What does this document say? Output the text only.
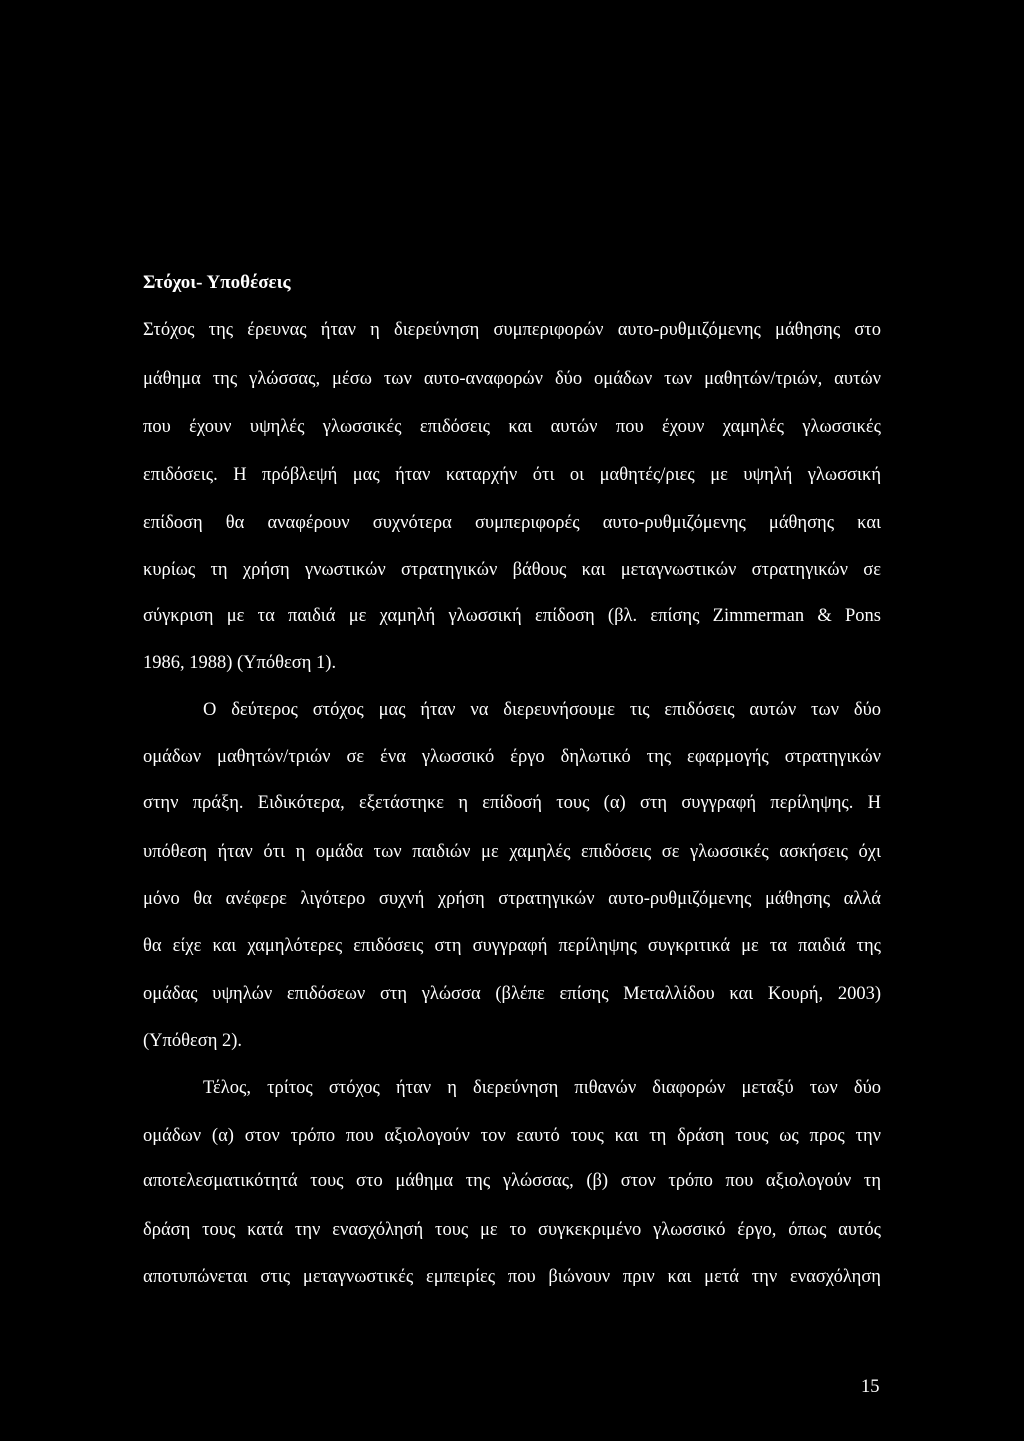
Στόχοι- Υποθέσεις
Στόχος της έρευνας ήταν η διερεύνηση συμπεριφορών αυτο-ρυθμιζόμενης μάθησης στο
μάθημα της γλώσσας, μέσω των αυτο-αναφορών δύο ομάδων των μαθητών/τριών, αυτών
που έχουν υψηλές γλωσσικές επιδόσεις και αυτών που έχουν χαμηλές γλωσσικές
επιδόσεις. Η πρόβλεψή μας ήταν καταρχήν ότι οι μαθητές/ριες με υψηλή γλωσσική
επίδοση θα αναφέρουν συχνότερα συμπεριφορές αυτο-ρυθμιζόμενης μάθησης και
κυρίως τη χρήση γνωστικών στρατηγικών βάθους και μεταγνωστικών στρατηγικών σε
σύγκριση με τα παιδιά με χαμηλή γλωσσική επίδοση (βλ. επίσης Zimmerman & Pons
1986, 1988) (Υπόθεση 1).
Ο δεύτερος στόχος μας ήταν να διερευνήσουμε τις επιδόσεις αυτών των δύο
ομάδων μαθητών/τριών σε ένα γλωσσικό έργο δηλωτικό της εφαρμογής στρατηγικών
στην πράξη. Ειδικότερα, εξετάστηκε η επίδοσή τους (α) στη συγγραφή περίληψης. Η
υπόθεση ήταν ότι η ομάδα των παιδιών με χαμηλές επιδόσεις σε γλωσσικές ασκήσεις όχι
μόνο θα ανέφερε λιγότερο συχνή χρήση στρατηγικών αυτο-ρυθμιζόμενης μάθησης αλλά
θα είχε και χαμηλότερες επιδόσεις στη συγγραφή περίληψης συγκριτικά με τα παιδιά της
ομάδας υψηλών επιδόσεων στη γλώσσα (βλέπε επίσης Μεταλλίδου και Κουρή, 2003)
(Υπόθεση 2).
Τέλος, τρίτος στόχος ήταν η διερεύνηση πιθανών διαφορών μεταξύ των δύο
ομάδων (α) στον τρόπο που αξιολογούν τον εαυτό τους και τη δράση τους ως προς την
αποτελεσματικότητά τους στο μάθημα της γλώσσας, (β) στον τρόπο που αξιολογούν τη
δράση τους κατά την ενασχόλησή τους με το συγκεκριμένο γλωσσικό έργο, όπως αυτός
αποτυπώνεται στις μεταγνωστικές εμπειρίες που βιώνουν πριν και μετά την ενασχόληση
15
